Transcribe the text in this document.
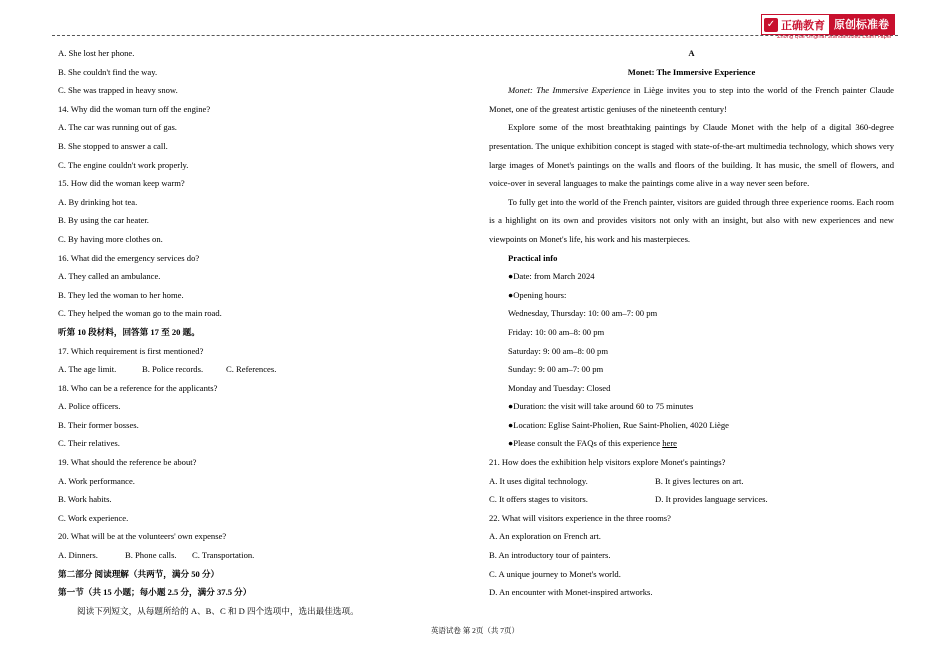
✓ 正确教育 原创标准卷
Zhong Que Original Standardized Exam Paper

A. She lost her phone.

B. She couldn't find the way.

C. She was trapped in heavy snow.

14. Why did the woman turn off the engine?

A. The car was running out of gas.

B. She stopped to answer a call.

C. The engine couldn't work properly.

15. How did the woman keep warm?

A. By drinking hot tea.

B. By using the car heater.

C. By having more clothes on.

16. What did the emergency services do?

A. They called an ambulance.

B. They led the woman to her home.

C. They helped the woman go to the main road.

听第 10 段材料，回答第 17 至 20 题。

17. Which requirement is first mentioned?

A. The age limit.	B. Police records.	C. References.

18. Who can be a reference for the applicants?

A. Police officers.

B. Their former bosses.

C. Their relatives.

19. What should the reference be about?

A. Work performance.

B. Work habits.

C. Work experience.

20. What will be at the volunteers' own expense?

A. Dinners.	B. Phone calls.	C. Transportation.

第二部分 阅读理解（共两节，满分 50 分）

第一节（共 15 小题；每小题 2.5 分，满分 37.5 分）

阅读下列短文，从每题所给的 A、B、C 和 D 四个选项中，选出最佳选项。

A

Monet: The Immersive Experience

Monet: The Immersive Experience in Liège invites you to step into the world of the French painter Claude Monet, one of the greatest artistic geniuses of the nineteenth century!

Explore some of the most breathtaking paintings by Claude Monet with the help of a digital 360-degree presentation. The unique exhibition concept is staged with state-of-the-art multimedia technology, which shows very large images of Monet's paintings on the walls and floors of the building. It has music, the smell of flowers, and voice-over in several languages to make the paintings come alive in a way never seen before.

To fully get into the world of the French painter, visitors are guided through three experience rooms. Each room is a highlight on its own and provides visitors not only with an insight, but also with new experiences and new viewpoints on Monet's life, his work and his masterpieces.

Practical info

●Date: from March 2024

●Opening hours:

Wednesday, Thursday: 10: 00 am–7: 00 pm

Friday: 10: 00 am–8: 00 pm

Saturday: 9: 00 am–8: 00 pm

Sunday: 9: 00 am–7: 00 pm

Monday and Tuesday: Closed

●Duration: the visit will take around 60 to 75 minutes

●Location: Eglise Saint-Pholien, Rue Saint-Pholien, 4020 Liège

●Please consult the FAQs of this experience here

21. How does the exhibition help visitors explore Monet's paintings?

A. It uses digital technology.	B. It gives lectures on art.

C. It offers stages to visitors.	D. It provides language services.

22. What will visitors experience in the three rooms?

A. An exploration on French art.

B. An introductory tour of painters.

C. A unique journey to Monet's world.

D. An encounter with Monet-inspired artworks.

英语试卷 第 2页（共 7页）
